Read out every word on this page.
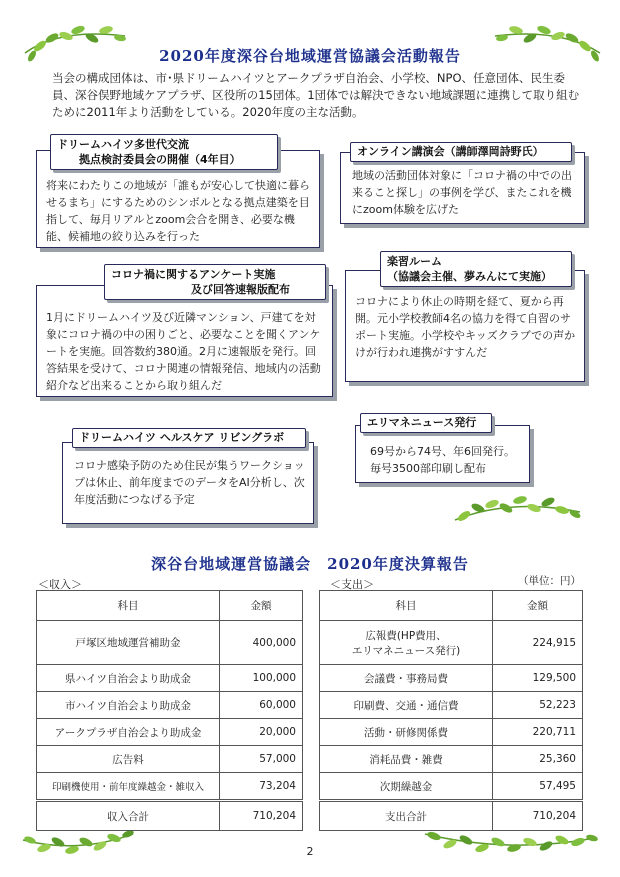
2020年度深谷台地域運営協議会活動報告
当会の構成団体は、市･県ドリームハイツとアークプラザ自治会、小学校、NPO、任意団体、民生委員、深谷俣野地域ケアプラザ、区役所の15団体。1団体では解決できない地域課題に連携して取り組むために2011年より活動をしている。2020年度の主な活動。
ドリームハイツ多世代交流
拠点検討委員会の開催（4年目）
将来にわたりこの地域が「誰もが安心して快適に暮らせるまち」にするためのシンボルとなる拠点建築を目指して、毎月リアルとzoom会合を開き、必要な機能、候補地の絞り込みを行った
オンライン講演会（講師澤岡詩野氏）
地域の活動団体対象に「コロナ禍の中での出来ること探し」の事例を学び、またこれを機にzoom体験を広げた
コロナ禍に関するアンケート実施
及び回答速報版配布
1月にドリームハイツ及び近隣マンション、戸建てを対象にコロナ禍の中の困りごと、必要なことを聞くアンケートを実施。回答数約380通。2月に速報版を発行。回答結果を受けて、コロナ関連の情報発信、地域内の活動紹介など出来ることから取り組んだ
楽習ルーム
（協議会主催、夢みんにて実施）
コロナにより休止の時期を経て、夏から再開。元小学校教師4名の協力を得て自習のサポート実施。小学校やキッズクラブでの声かけが行われ連携がすすんだ
ドリームハイツ ヘルスケア リビングラボ
コロナ感染予防のため住民が集うワークショップは休止、前年度までのデータをAI分析し、次年度活動につなげる予定
エリマネニュース発行
69号から74号、年6回発行。
毎号3500部印刷し配布
深谷台地域運営協議会　2020年度決算報告
＜収入＞	＜支出＞	（単位：円）
科目	金額
戸塚区地域運営補助金	400,000
県ハイツ自治会より助成金	100,000
市ハイツ自治会より助成金	60,000
アークプラザ自治会より助成金	20,000
広告料	57,000
印刷機使用・前年度繰越金・雑収入	73,204
収入合計	710,204
科目	金額

広報費(HP費用、
エリマネニュース発行)	224,915
会議費・事務局費	129,500
印刷費、交通・通信費	52,223
活動・研修関係費	220,711
消耗品費・雑費	25,360
次期繰越金	57,495
支出合計	710,204
2
